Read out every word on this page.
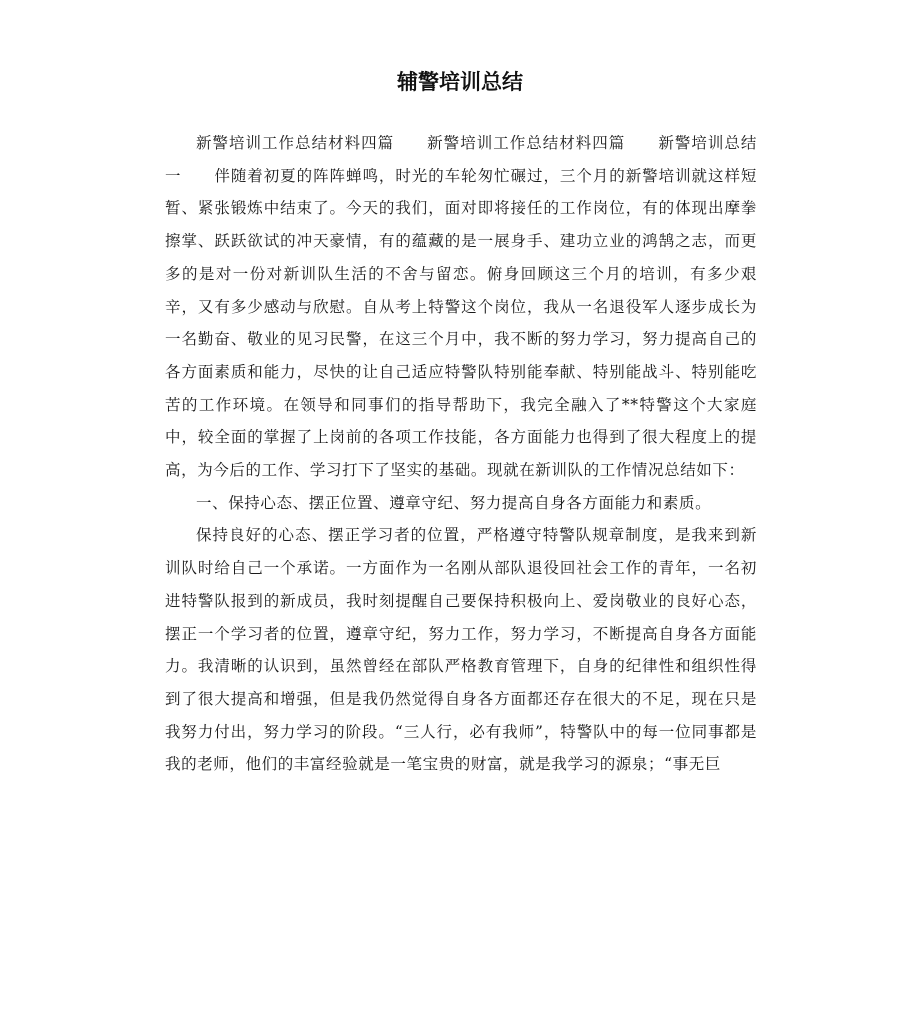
辅警培训总结

新警培训工作总结材料四篇　　新警培训工作总结材料四篇　　新警培训总结一　　伴随着初夏的阵阵蝉鸣，时光的车轮匆忙碾过，三个月的新警培训就这样短暂、紧张锻炼中结束了。今天的我们，面对即将接任的工作岗位，有的体现出摩拳擦掌、跃跃欲试的冲天豪情，有的蕴藏的是一展身手、建功立业的鸿鹄之志，而更多的是对一份对新训队生活的不舍与留恋。俯身回顾这三个月的培训，有多少艰辛，又有多少感动与欣慰。自从考上特警这个岗位，我从一名退役军人逐步成长为一名勤奋、敬业的见习民警，在这三个月中，我不断的努力学习，努力提高自己的各方面素质和能力，尽快的让自己适应特警队特别能奉献、特别能战斗、特别能吃苦的工作环境。在领导和同事们的指导帮助下，我完全融入了**特警这个大家庭中，较全面的掌握了上岗前的各项工作技能，各方面能力也得到了很大程度上的提高，为今后的工作、学习打下了坚实的基础。现就在新训队的工作情况总结如下：

一、保持心态、摆正位置、遵章守纪、努力提高自身各方面能力和素质。

保持良好的心态、摆正学习者的位置，严格遵守特警队规章制度，是我来到新训队时给自己一个承诺。一方面作为一名刚从部队退役回社会工作的青年，一名初进特警队报到的新成员，我时刻提醒自己要保持积极向上、爱岗敬业的良好心态，摆正一个学习者的位置，遵章守纪，努力工作，努力学习，不断提高自身各方面能力。我清晰的认识到，虽然曾经在部队严格教育管理下，自身的纪律性和组织性得到了很大提高和增强，但是我仍然觉得自身各方面都还存在很大的不足，现在只是我努力付出，努力学习的阶段。“三人行，必有我师”，特警队中的每一位同事都是我的老师，他们的丰富经验就是一笔宝贵的财富，就是我学习的源泉；“事无巨
